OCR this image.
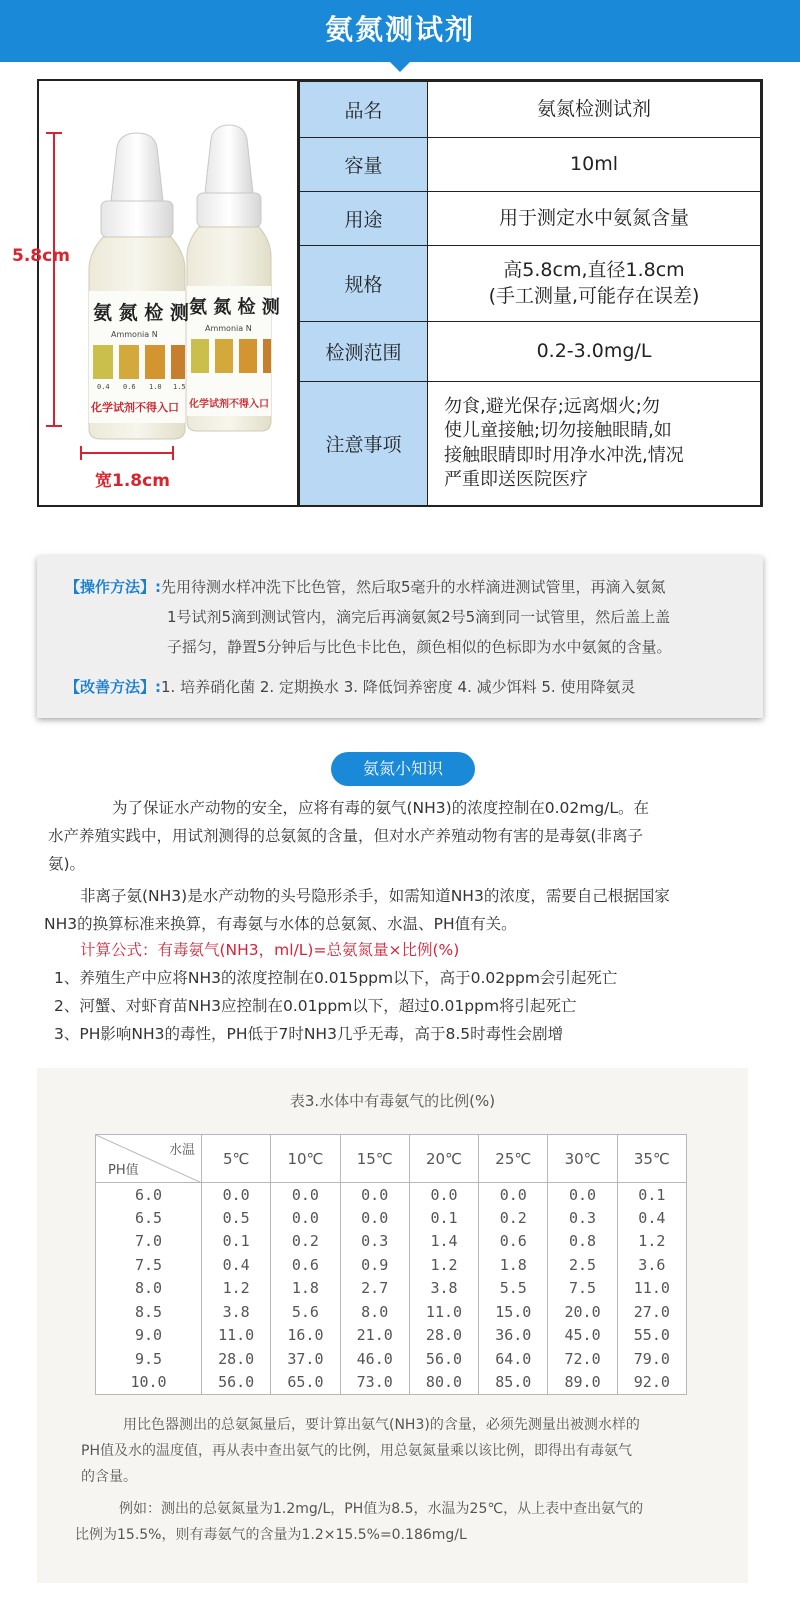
氨氮测试剂
氨 氮 检 测
Ammonia N
化学试剂不得入口
氨 氮 检 测
Ammonia N
0.4 0.6 1.0 1.5
化学试剂不得入口
5.8cm
宽1.8cm
品名	氨氮检测试剂
容量	10ml
用途	用于测定水中氨氮含量
规格	高5.8cm,直径1.8cm
(手工测量,可能存在误差)

检测范围	0.2-3.0mg/L
注意事项	勿食,避光保存;远离烟火;勿
使儿童接触;切勿接触眼睛,如
接触眼睛即时用净水冲洗,情况
严重即送医院医疗
【操作方法】:先用待测水样冲洗下比色管，然后取5毫升的水样滴进测试管里，再滴入氨氮
1号试剂5滴到测试管内，滴完后再滴氨氮2号5滴到同一试管里，然后盖上盖
子摇匀，静置5分钟后与比色卡比色，颜色相似的色标即为水中氨氮的含量。
【改善方法】:1. 培养硝化菌 2. 定期换水 3. 降低饲养密度 4. 减少饵料 5. 使用降氨灵
氨氮小知识
为了保证水产动物的安全，应将有毒的氨气(NH3)的浓度控制在0.02mg/L。在
水产养殖实践中，用试剂测得的总氨氮的含量，但对水产养殖动物有害的是毒氨(非离子
氨)。
非离子氨(NH3)是水产动物的头号隐形杀手，如需知道NH3的浓度，需要自己根据国家
NH3的换算标准来换算，有毒氨与水体的总氨氮、水温、PH值有关。
计算公式：有毒氨气(NH3，ml/L)=总氨氮量×比例(%)
1、养殖生产中应将NH3的浓度控制在0.015ppm以下，高于0.02ppm会引起死亡
2、河蟹、对虾育苗NH3应控制在0.01ppm以下，超过0.01ppm将引起死亡
3、PH影响NH3的毒性，PH低于7时NH3几乎无毒，高于8.5时毒性会剧增
表3.水体中有毒氨气的比例(%)
水温
PH值	5℃	10℃	15℃	20℃	25℃	30℃	35℃
6.0	0.0	0.0	0.0	0.0	0.0	0.0	0.1
6.5	0.5	0.0	0.0	0.1	0.2	0.3	0.4
7.0	0.1	0.2	0.3	1.4	0.6	0.8	1.2
7.5	0.4	0.6	0.9	1.2	1.8	2.5	3.6
8.0	1.2	1.8	2.7	3.8	5.5	7.5	11.0
8.5	3.8	5.6	8.0	11.0	15.0	20.0	27.0
9.0	11.0	16.0	21.0	28.0	36.0	45.0	55.0
9.5	28.0	37.0	46.0	56.0	64.0	72.0	79.0
10.0	56.0	65.0	73.0	80.0	85.0	89.0	92.0
用比色器测出的总氨氮量后，要计算出氨气(NH3)的含量，必须先测量出被测水样的
PH值及水的温度值，再从表中查出氨气的比例，用总氨氮量乘以该比例，即得出有毒氨气
的含量。
例如：测出的总氨氮量为1.2mg/L，PH值为8.5，水温为25℃，从上表中查出氨气的
比例为15.5%，则有毒氨气的含量为1.2×15.5%=0.186mg/L
